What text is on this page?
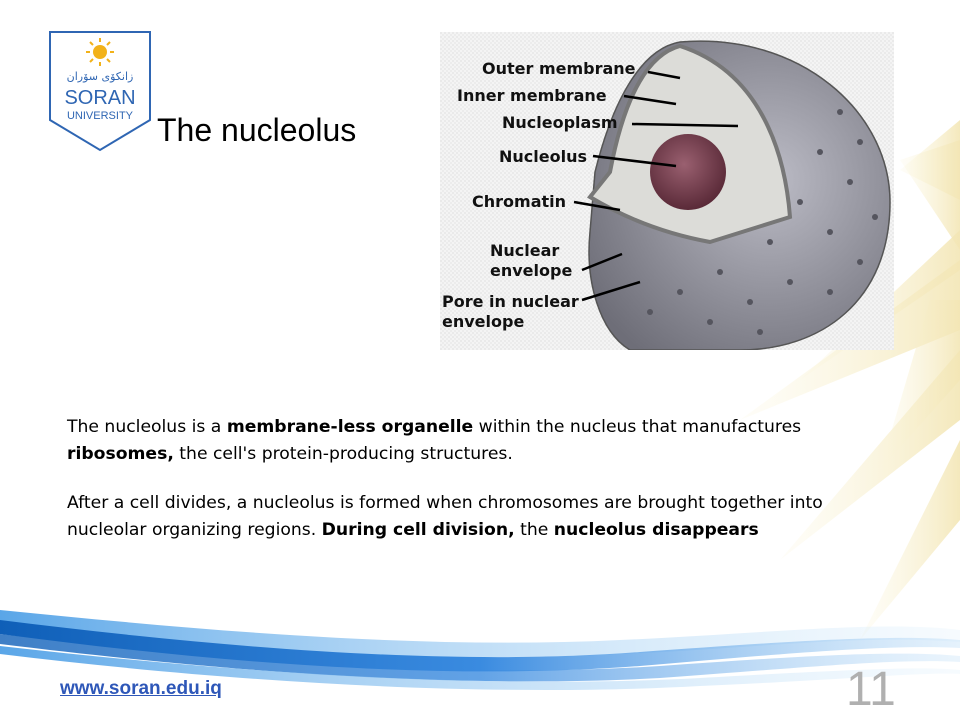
زانكۆی سۆران
SORAN
UNIVERSITY The nucleolus
Outer membrane
Inner membrane
Nucleoplasm
Nucleolus
Chromatin
Nuclear
envelope
Pore in nuclear
envelope

The nucleolus is a membrane-less organelle within the nucleus that manufactures ribosomes, the cell's protein-producing structures.

After a cell divides, a nucleolus is formed when chromosomes are brought together into nucleolar organizing regions. During cell division, the nucleolus disappears

www.soran.edu.iq	11
